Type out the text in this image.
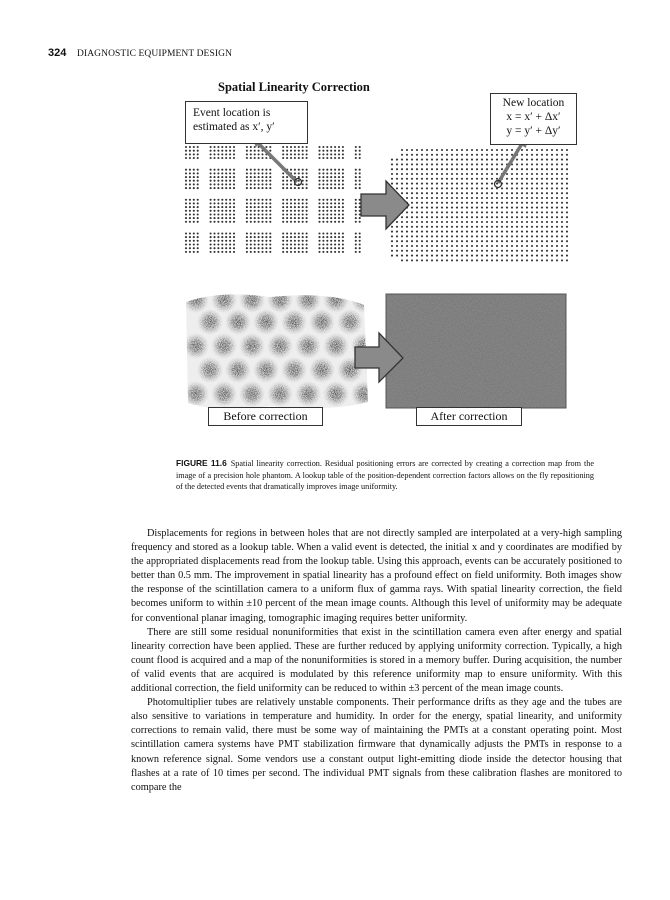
324 DIAGNOSTIC EQUIPMENT DESIGN
Spatial Linearity Correction
Event location is
estimated as x′, y′
New location
x = x′ + Δx′
y = y′ + Δy′
Before correction	After correction
FIGURE 11.6 Spatial linearity correction. Residual positioning errors are corrected by creating a correction map from the image of a precision hole phantom. A lookup table of the position-dependent correction factors allows on the fly repositioning of the detected events that dramatically improves image uniformity.

Displacements for regions in between holes that are not directly sampled are interpolated at a very-high sampling frequency and stored as a lookup table. When a valid event is detected, the initial x and y coordinates are modified by the appropriated displacements read from the lookup table. Using this approach, events can be accurately positioned to better than 0.5 mm. The improvement in spatial linearity has a profound effect on field uniformity. Both images show the response of the scintillation camera to a uniform flux of gamma rays. With spatial linearity correction, the field becomes uniform to within ±10 percent of the mean image counts. Although this level of uniformity may be adequate for conventional planar imaging, tomographic imaging requires better uniformity.

There are still some residual nonuniformities that exist in the scintillation camera even after energy and spatial linearity correction have been applied. These are further reduced by applying uniformity correction. Typically, a high count flood is acquired and a map of the nonuniformities is stored in a memory buffer. During acquisition, the number of valid events that are acquired is modulated by this reference uniformity map to ensure uniformity. With this additional correction, the field uniformity can be reduced to within ±3 percent of the mean image counts.

Photomultiplier tubes are relatively unstable components. Their performance drifts as they age and the tubes are also sensitive to variations in temperature and humidity. In order for the energy, spatial linearity, and uniformity corrections to remain valid, there must be some way of maintaining the PMTs at a constant operating point. Most scintillation camera systems have PMT stabilization firmware that dynamically adjusts the PMTs in response to a known reference signal. Some vendors use a constant output light-emitting diode inside the detector housing that flashes at a rate of 10 times per second. The individual PMT signals from these calibration flashes are monitored to compare the
